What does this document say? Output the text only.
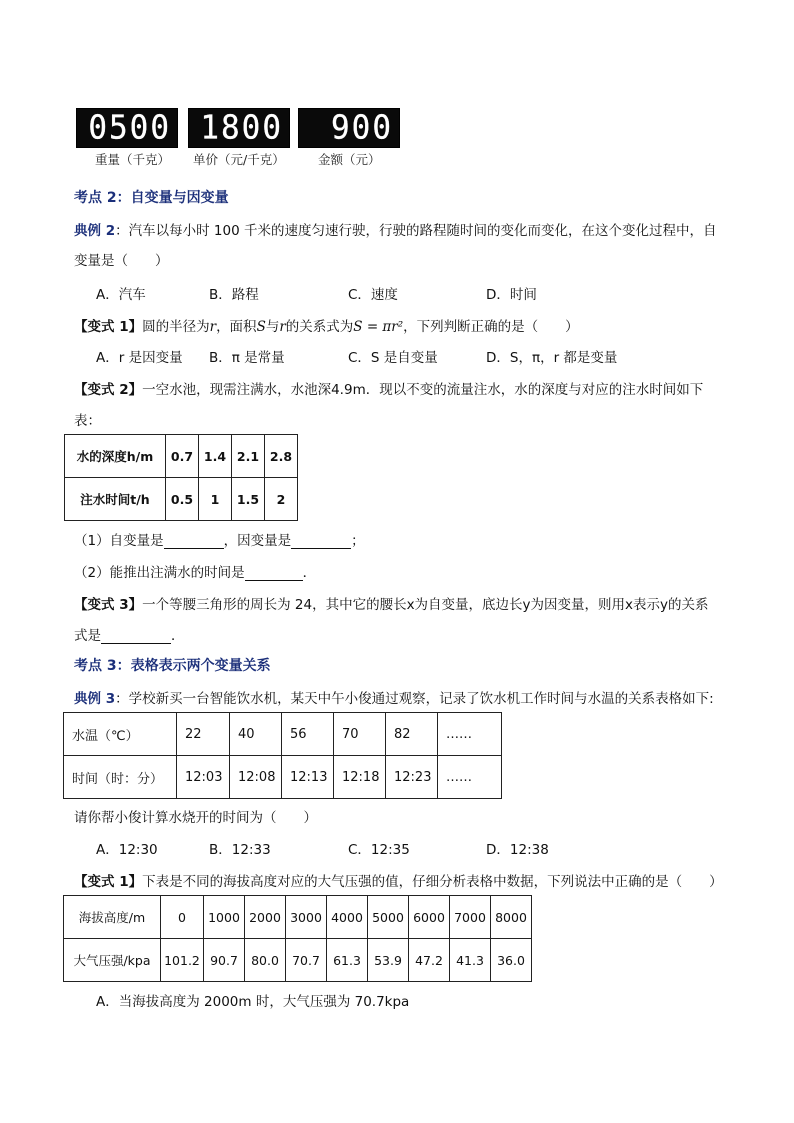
0500 1800 900
重量（千克） 单价（元/千克）	金额（元）
考点 2：自变量与因变量
典例 2：汽车以每小时 100 千米的速度匀速行驶，行驶的路程随时间的变化而变化，在这个变化过程中，自
变量是（　　）
A．汽车	B．路程	C．速度	D．时间
【变式 1】圆的半径为r，面积S与r的关系式为S = πr²，下列判断正确的是（　　）
A．r 是因变量 B．π 是常量	C．S 是自变量	D．S，π，r 都是变量
【变式 2】一空水池，现需注满水，水池深4.9m．现以不变的流量注水，水的深度与对应的注水时间如下
表：
水的深度h/m	0.7	1.4	2.1	2.8
注水时间t/h	0.5	1	1.5	2
（1）自变量是	，因变量是	；
（2）能推出注满水的时间是	．
【变式 3】一个等腰三角形的周长为 24，其中它的腰长x为自变量，底边长y为因变量，则用x表示y的关系
式是	．
考点 3：表格表示两个变量关系
典例 3：学校新买一台智能饮水机，某天中午小俊通过观察，记录了饮水机工作时间与水温的关系表格如下:
水温（℃）	22	40	56	70	82	……
时间（时：分）	12:03	12:08	12:13	12:18	12:23	……
请你帮小俊计算水烧开的时间为（　　）
A．12:30	B．12:33	C．12:35	D．12:38
【变式 1】下表是不同的海拔高度对应的大气压强的值，仔细分析表格中数据，下列说法中正确的是（　　）
海拔高度/m	0	1000	2000	3000	4000	5000	6000	7000	8000
大气压强/kpa	101.2	90.7	80.0	70.7	61.3	53.9	47.2	41.3	36.0
A．当海拔高度为 2000m 时，大气压强为 70.7kpa
